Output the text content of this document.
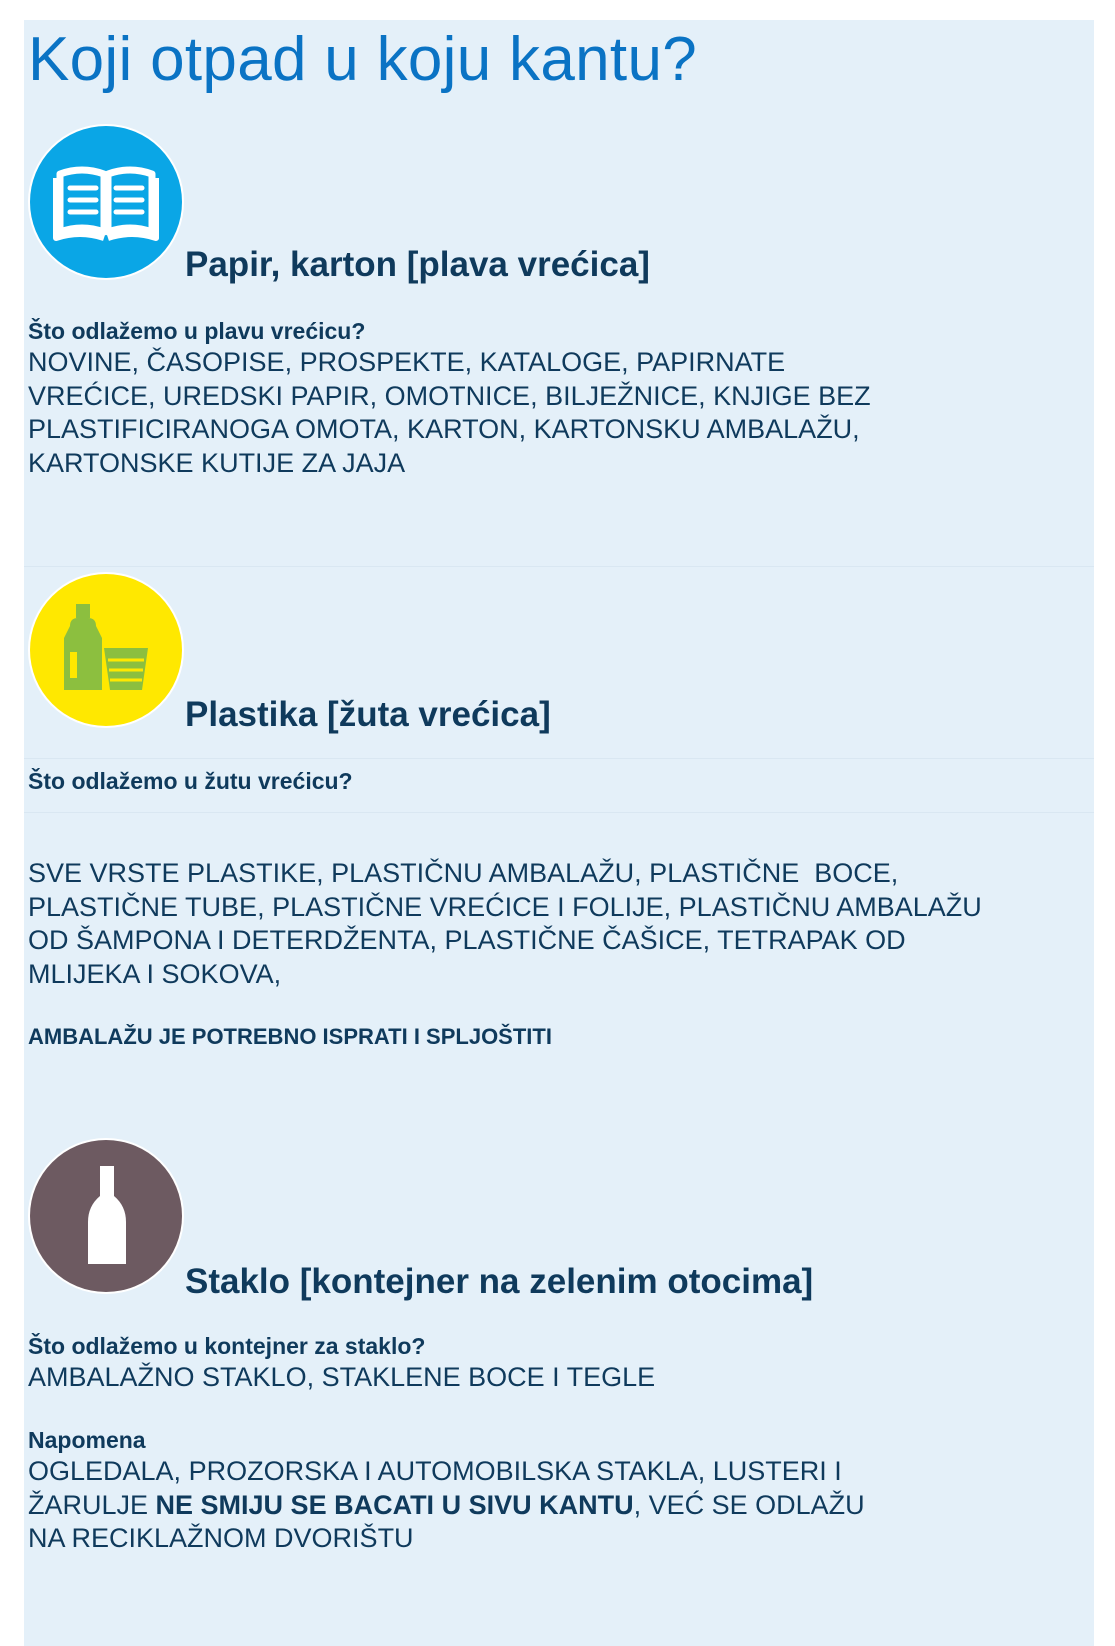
Koji otpad u koju kantu?
Papir, karton [plava vrećica]
Što odlažemo u plavu vrećicu?
NOVINE, ČASOPISE, PROSPEKTE, KATALOGE, PAPIRNATE
VREĆICE, UREDSKI PAPIR, OMOTNICE, BILJEŽNICE, KNJIGE BEZ
PLASTIFICIRANOGA OMOTA, KARTON, KARTONSKU AMBALAŽU,
KARTONSKE KUTIJE ZA JAJA
Plastika [žuta vrećica]
Što odlažemo u žutu vrećicu?
SVE VRSTE PLASTIKE, PLASTIČNU AMBALAŽU, PLASTIČNE  BOCE,
PLASTIČNE TUBE, PLASTIČNE VREĆICE I FOLIJE, PLASTIČNU AMBALAŽU
OD ŠAMPONA I DETERDŽENTA, PLASTIČNE ČAŠICE, TETRAPAK OD
MLIJEKA I SOKOVA,
AMBALAŽU JE POTREBNO ISPRATI I SPLJOŠTITI
Staklo [kontejner na zelenim otocima]
Što odlažemo u kontejner za staklo?
AMBALAŽNO STAKLO, STAKLENE BOCE I TEGLE
Napomena
OGLEDALA, PROZORSKA I AUTOMOBILSKA STAKLA, LUSTERI I
ŽARULJE NE SMIJU SE BACATI U SIVU KANTU, VEĆ SE ODLAŽU
NA RECIKLAŽNOM DVORIŠTU
